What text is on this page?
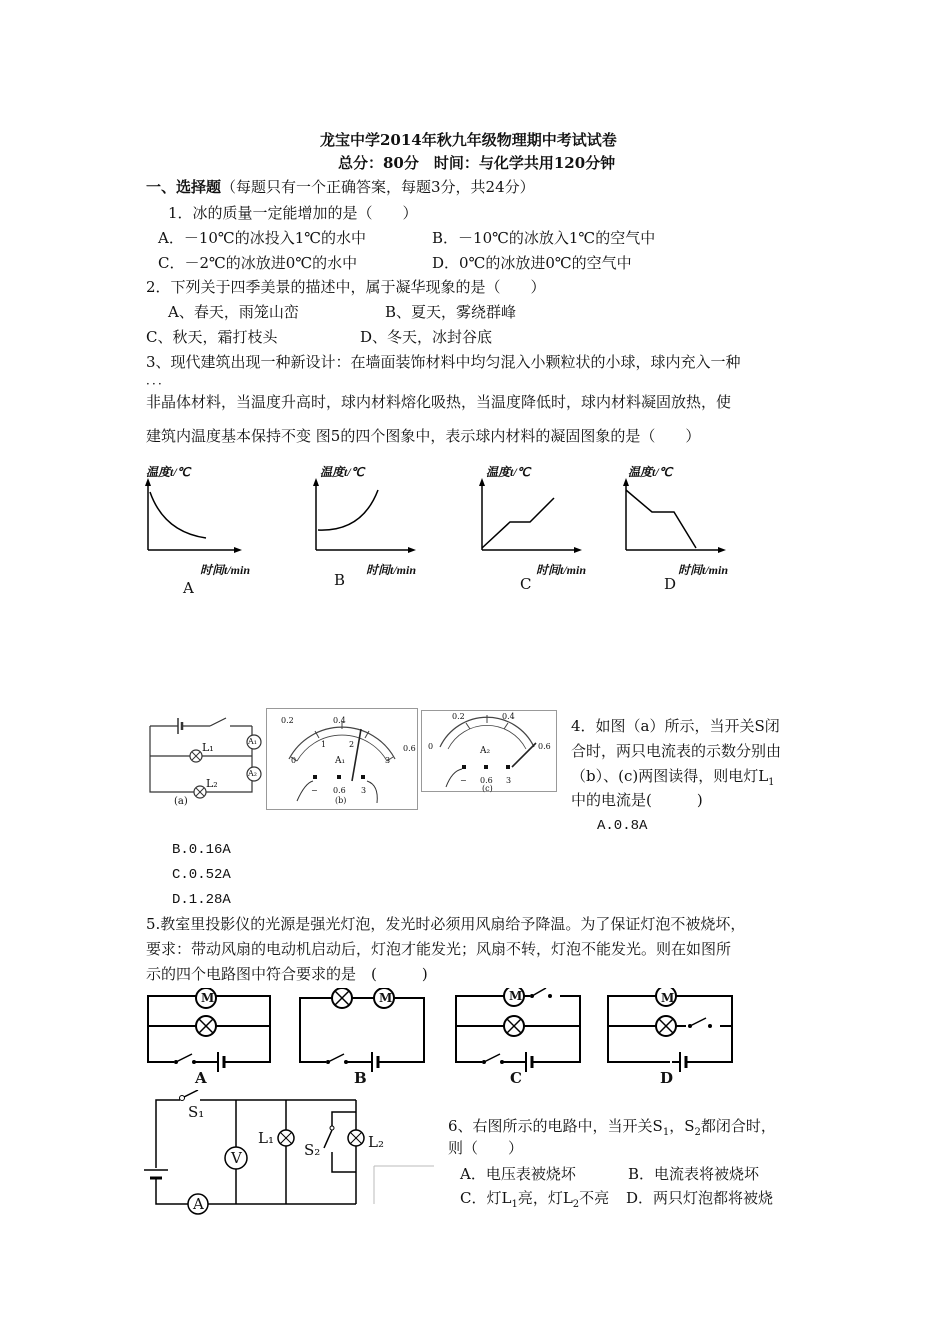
龙宝中学2014年秋九年级物理期中考试试卷
总分：80分　时间：与化学共用120分钟
一、选择题（每题只有一个正确答案，每题3分，共24分）
1．冰的质量一定能增加的是（　　）
A．－10℃的冰投入1℃的水中	B．－10℃的冰放入1℃的空气中
C．－2℃的冰放进0℃的水中	D．0℃的冰放进0℃的空气中
2．下列关于四季美景的描述中，属于凝华现象的是（　　）
A、春天，雨笼山峦	B、夏天，雾绕群峰
C、秋天，霜打枝头	D、冬天，冰封谷底
3、现代建筑出现一种新设计：在墙面装饰材料中均匀混入小颗粒状的小球，球内充入一种
．．．
非晶体材料，当温度升高时，球内材料熔化吸热，当温度降低时，球内材料凝固放热，使
建筑内温度基本保持不变 图5的四个图象中，表示球内材料的凝固图象的是（　　）
温度t/℃
时间t/min
A
温度t/℃
时间t/min
B
温度t/℃
时间t/min
C
温度t/℃
时间t/min
D
L₁
L₂
A₁
A₂
(a)
0.2	0.4
1	2
0
0.6
3
A₁
− 0.6 3
(b)
0.2	0.4
0	0.6
A₂
− 0.6 3
(c)
4．如图（a）所示，当开关S闭
合时，两只电流表的示数分别由
（b）、(c)两图读得，则电灯$L_1$
中的电流是(　　　)
A.0.8A
B.0.16A
C.0.52A
D.1.28A
5.教室里投影仪的光源是强光灯泡，发光时必须用风扇给予降温。为了保证灯泡不被烧坏，
要求：带动风扇的电动机启动后，灯泡才能发光；风扇不转，灯泡不能发光。则在如图所
示的四个电路图中符合要求的是　(　　　)
M
A
M
B
M
C
M
D
S₁
V
L₁
S₂	L₂
A
6、右图所示的电路中，当开关$S_1$，$S_2$都闭合时，
则（　　）
A．电压表被烧坏	B．电流表将被烧坏
C．灯$L_1$亮，灯$L_2$不亮 D．两只灯泡都将被烧
